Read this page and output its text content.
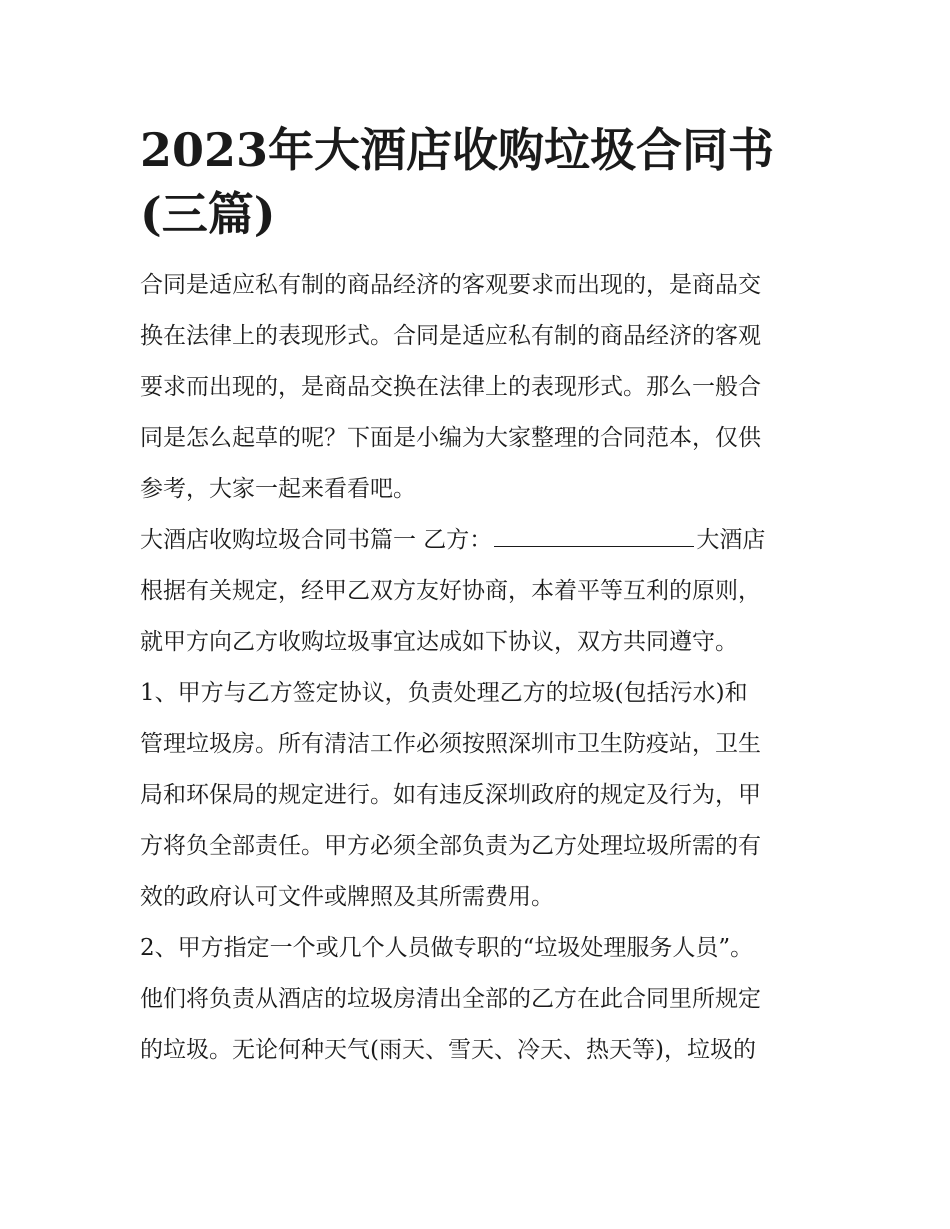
2023年大酒店收购垃圾合同书
(三篇)

合同是适应私有制的商品经济的客观要求而出现的，是商品交
换在法律上的表现形式。合同是适应私有制的商品经济的客观
要求而出现的，是商品交换在法律上的表现形式。那么一般合
同是怎么起草的呢？下面是小编为大家整理的合同范本，仅供
参考，大家一起来看看吧。

大酒店收购垃圾合同书篇一 乙方：	大酒店
根据有关规定，经甲乙双方友好协商，本着平等互利的原则，
就甲方向乙方收购垃圾事宜达成如下协议，双方共同遵守。

1、甲方与乙方签定协议，负责处理乙方的垃圾(包括污水)和
管理垃圾房。所有清洁工作必须按照深圳市卫生防疫站，卫生
局和环保局的规定进行。如有违反深圳政府的规定及行为，甲
方将负全部责任。甲方必须全部负责为乙方处理垃圾所需的有
效的政府认可文件或牌照及其所需费用。

2、甲方指定一个或几个人员做专职的“垃圾处理服务人员”。
他们将负责从酒店的垃圾房清出全部的乙方在此合同里所规定
的垃圾。无论何种天气(雨天、雪天、冷天、热天等)，垃圾的
